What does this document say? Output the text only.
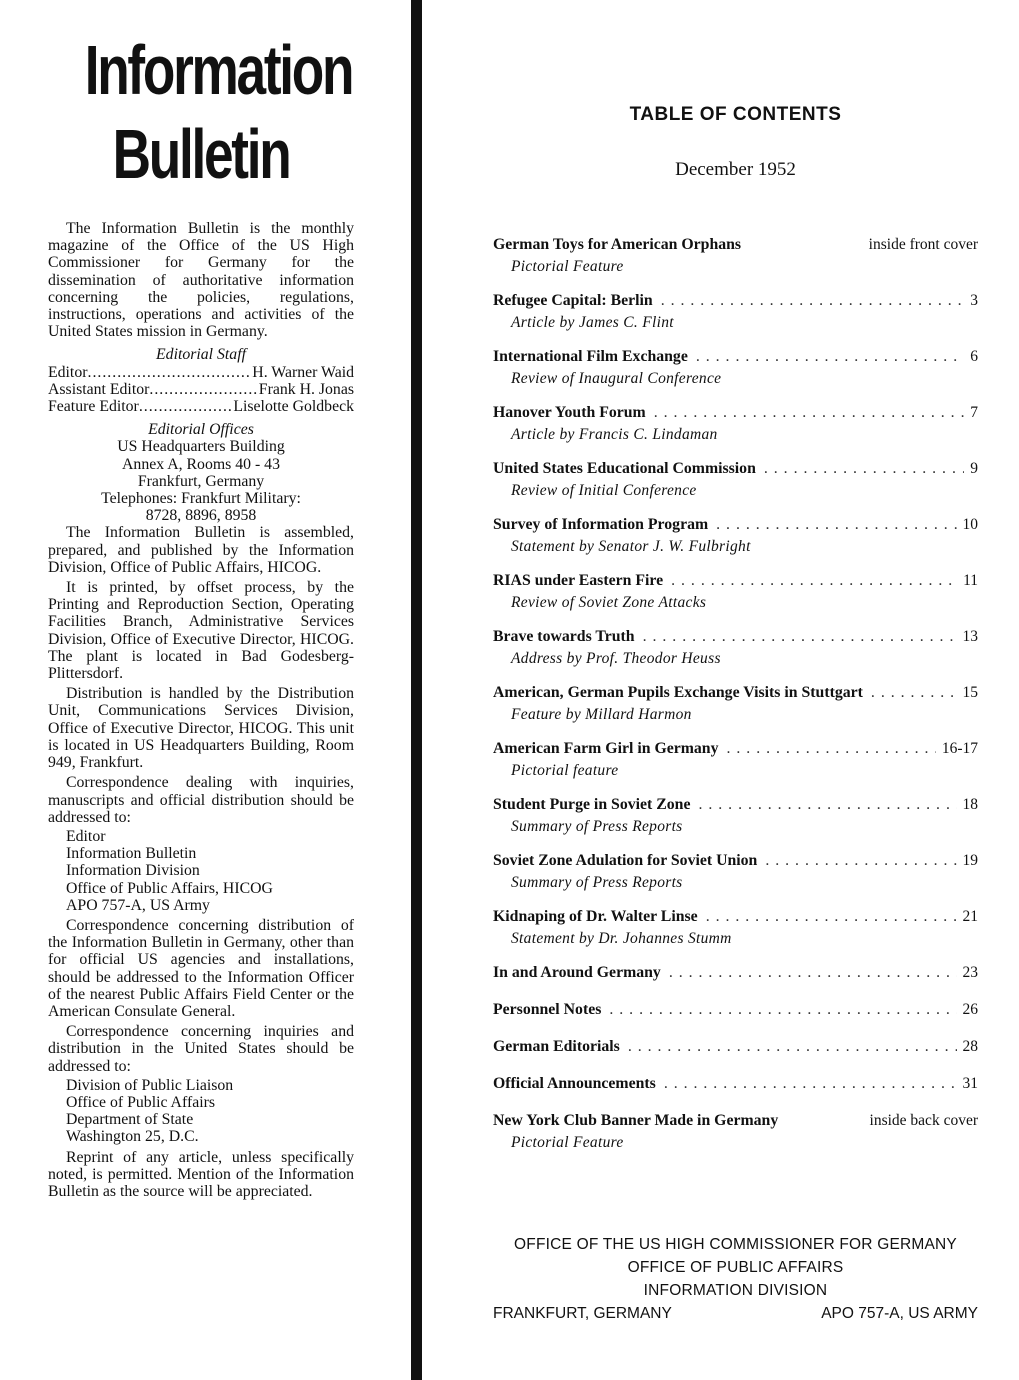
Information
Bulletin

The Information Bulletin is the monthly magazine of the Office of the US High Commissioner for Germany for the dissemination of authoritative information concerning the policies, regulations, instructions, operations and activities of the United States mission in Germany.

Editorial Staff

Editor .....	H. Warner Waid
Assistant Editor .....	Frank H. Jonas
Feature Editor .....	Liselotte Goldbeck

Editorial Offices

US Headquarters Building

Annex A, Rooms 40 - 43

Frankfurt, Germany

Telephones: Frankfurt Military:

8728, 8896, 8958

The Information Bulletin is assembled, prepared, and published by the Information Division, Office of Public Affairs, HICOG.

It is printed, by offset process, by the Printing and Reproduction Section, Operating Facilities Branch, Administrative Services Division, Office of Executive Director, HICOG. The plant is located in Bad Godesberg-Plittersdorf.

Distribution is handled by the Distribution Unit, Communications Services Division, Office of Executive Director, HICOG. This unit is located in US Headquarters Building, Room 949, Frankfurt.

Correspondence dealing with inquiries, manuscripts and official distribution should be addressed to:

Editor
Information Bulletin
Information Division
Office of Public Affairs, HICOG
APO 757-A, US Army

Correspondence concerning distribution of the Information Bulletin in Germany, other than for official US agencies and installations, should be addressed to the Information Officer of the nearest Public Affairs Field Center or the American Consulate General.

Correspondence concerning inquiries and distribution in the United States should be addressed to:

Division of Public Liaison
Office of Public Affairs
Department of State
Washington 25, D.C.

Reprint of any article, unless specifically noted, is permitted. Mention of the Information Bulletin as the source will be appreciated.

TABLE OF CONTENTS
December 1952
German Toys for American Orphans	inside front cover
Pictorial Feature
Refugee Capital: Berlin . . .	3
Article by James C. Flint
International Film Exchange . . .	6
Review of Inaugural Conference
Hanover Youth Forum . . .	7
Article by Francis C. Lindaman
United States Educational Commission . . .	9
Review of Initial Conference
Survey of Information Program . . .	10
Statement by Senator J. W. Fulbright
RIAS under Eastern Fire . . .	11
Review of Soviet Zone Attacks
Brave towards Truth . . .	13
Address by Prof. Theodor Heuss
American, German Pupils Exchange Visits in Stuttgart . . .	15
Feature by Millard Harmon
American Farm Girl in Germany . . .	16-17
Pictorial feature
Student Purge in Soviet Zone . . .	18
Summary of Press Reports
Soviet Zone Adulation for Soviet Union . . .	19
Summary of Press Reports
Kidnaping of Dr. Walter Linse . . .	21
Statement by Dr. Johannes Stumm
In and Around Germany . . .	23
Personnel Notes . . .	26
German Editorials . . .	28
Official Announcements . . .	31
New York Club Banner Made in Germany	inside back cover
Pictorial Feature
OFFICE OF THE US HIGH COMMISSIONER FOR GERMANY
OFFICE OF PUBLIC AFFAIRS
INFORMATION DIVISION
FRANKFURT, GERMANY	APO 757-A, US ARMY
